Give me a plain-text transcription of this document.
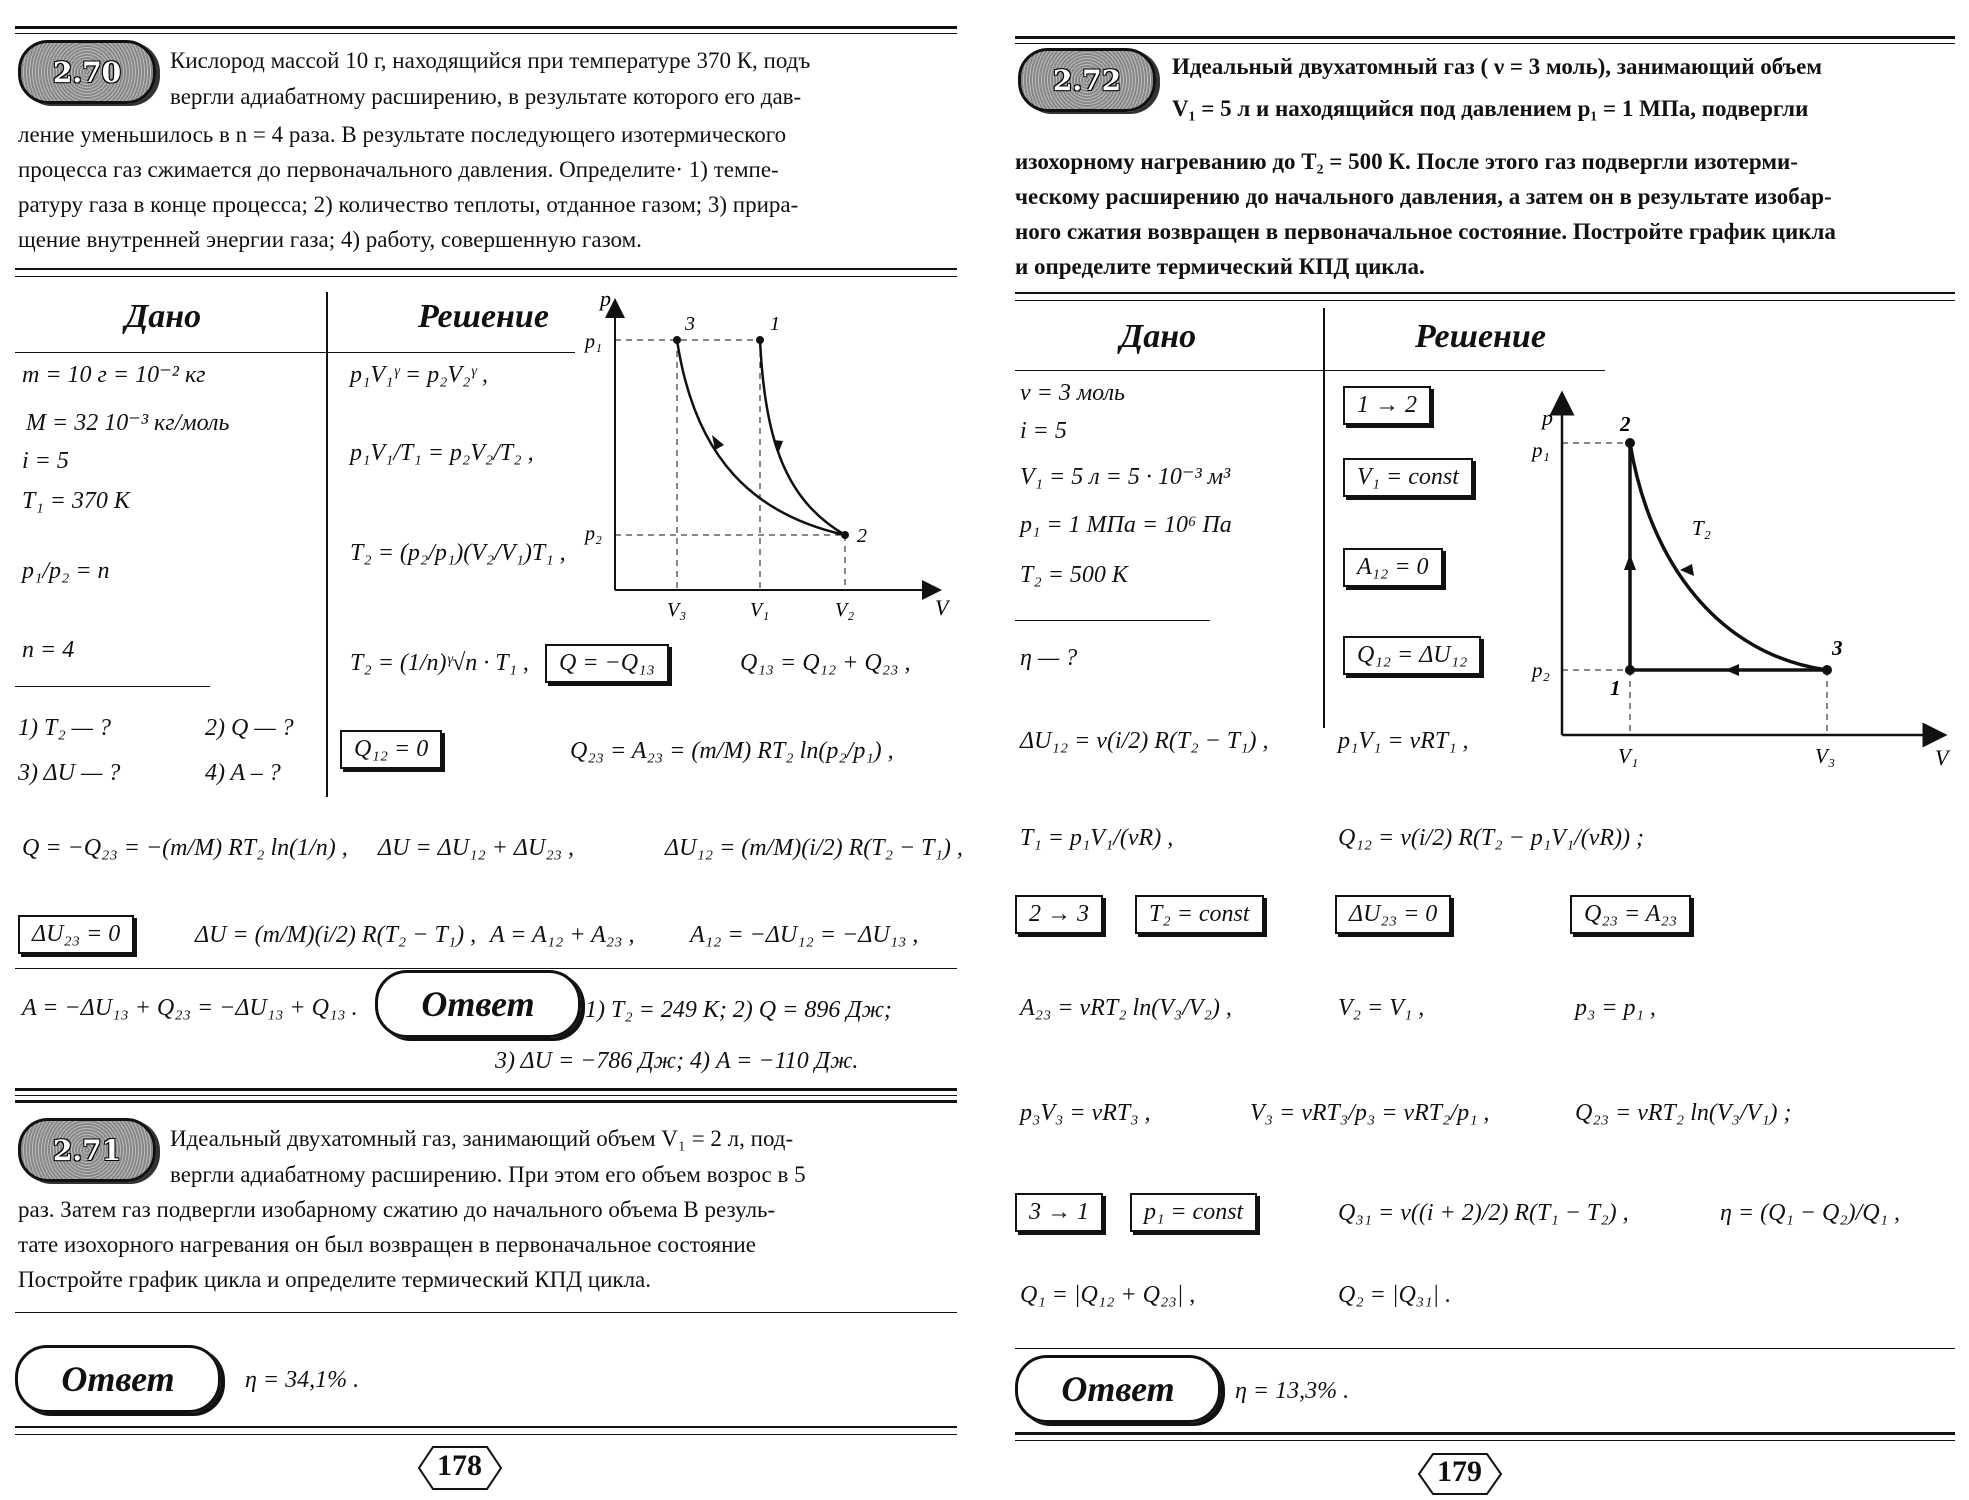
2.70	Кислород массой 10 г, находящийся при температуре 370 К, подъ
вергли адиабатному расширению, в результате которого его дав-
ление уменьшилось в n = 4 раза. В результате последующего изотермического
процесса газ сжимается до первоначального давления. Определите· 1) темпе-
ратуру газа в конце процесса; 2) количество теплоты, отданное газом; 3) прира-
щение внутренней энергии газа; 4) работу, совершенную газом.
Дано	Решение
m = 10 г = 10⁻² кг
M = 32 10⁻³ кг/моль
i = 5
T₁ = 370 К
p₁/p₂ = n
n = 4
1) T₂ — ?	2) Q — ?
3) ΔU — ?	4) A – ?
p₁V₁ᵞ = p₂V₂ᵞ ,
p₁V₁/T₁ = p₂V₂/T₂ ,
T₂ = (p₂/p₁)(V₂/V₁)T₁ ,
T₂ = (1/n)ᵞ√n · T₁ ,	Q = −Q₁₃	Q₁₃ = Q₁₂ + Q₂₃ ,
Q₁₂ = 0	Q₂₃ = A₂₃ = (m/M) RT₂ ln(p₂/p₁) ,
Q = −Q₂₃ = −(m/M) RT₂ ln(1/n) , ΔU = ΔU₁₂ + ΔU₂₃ ,	ΔU₁₂ = (m/M)(i/2) R(T₂ − T₁) ,
ΔU₂₃ = 0	ΔU = (m/M)(i/2) R(T₂ − T₁) , A = A₁₂ + A₂₃ , A₁₂ = −ΔU₁₂ = −ΔU₁₃ ,
A = −ΔU₁₃ + Q₂₃ = −ΔU₁₃ + Q₁₃ .	Ответ	1) T₂ = 249 К; 2) Q = 896 Дж;
3) ΔU = −786 Дж; 4) A = −110 Дж.
p
V
p₁
p₂
V₃	V₁	V₂
1
2
3
2.71	Идеальный двухатомный газ, занимающий объем V₁ = 2 л, под-
вергли адиабатному расширению. При этом его объем возрос в 5
раз. Затем газ подвергли изобарному сжатию до начального объема В резуль-
тате изохорного нагревания он был возвращен в первоначальное состояние
Постройте график цикла и определите термический КПД цикла.
Ответ	η = 34,1% .
178
2.72	Идеальный двухатомный газ ( ν = 3 моль), занимающий объем
V₁ = 5 л и находящийся под давлением p₁ = 1 МПа, подвергли
изохорному нагреванию до T₂ = 500 К. После этого газ подвергли изотерми-
ческому расширению до начального давления, а затем он в результате изобар-
ного сжатия возвращен в первоначальное состояние. Постройте график цикла
и определите термический КПД цикла.
Дано	Решение
ν = 3 моль
i = 5
V₁ = 5 л = 5 · 10⁻³ м³
p₁ = 1 МПа = 10⁶ Па
T₂ = 500 К
η — ?
1 → 2
V₁ = const
A₁₂ = 0
Q₁₂ = ΔU₁₂
p
V
p₁
p₂
V₁	V₃
T₂
1
2
3
ΔU₁₂ = ν(i/2) R(T₂ − T₁) ,	p₁V₁ = νRT₁ ,
T₁ = p₁V₁/(νR) ,	Q₁₂ = ν(i/2) R(T₂ − p₁V₁/(νR)) ;
2 → 3	T₂ = const	ΔU₂₃ = 0	Q₂₃ = A₂₃
A₂₃ = νRT₂ ln(V₃/V₂) ,	V₂ = V₁ ,	p₃ = p₁ ,
p₃V₃ = νRT₃ ,	V₃ = νRT₃/p₃ = νRT₂/p₁ ,	Q₂₃ = νRT₂ ln(V₃/V₁) ;
3 → 1	p₁ = const	Q₃₁ = ν((i + 2)/2) R(T₁ − T₂) ,	η = (Q₁ − Q₂)/Q₁ ,
Q₁ = |Q₁₂ + Q₂₃| ,	Q₂ = |Q₃₁| .
Ответ	η = 13,3% .
179
